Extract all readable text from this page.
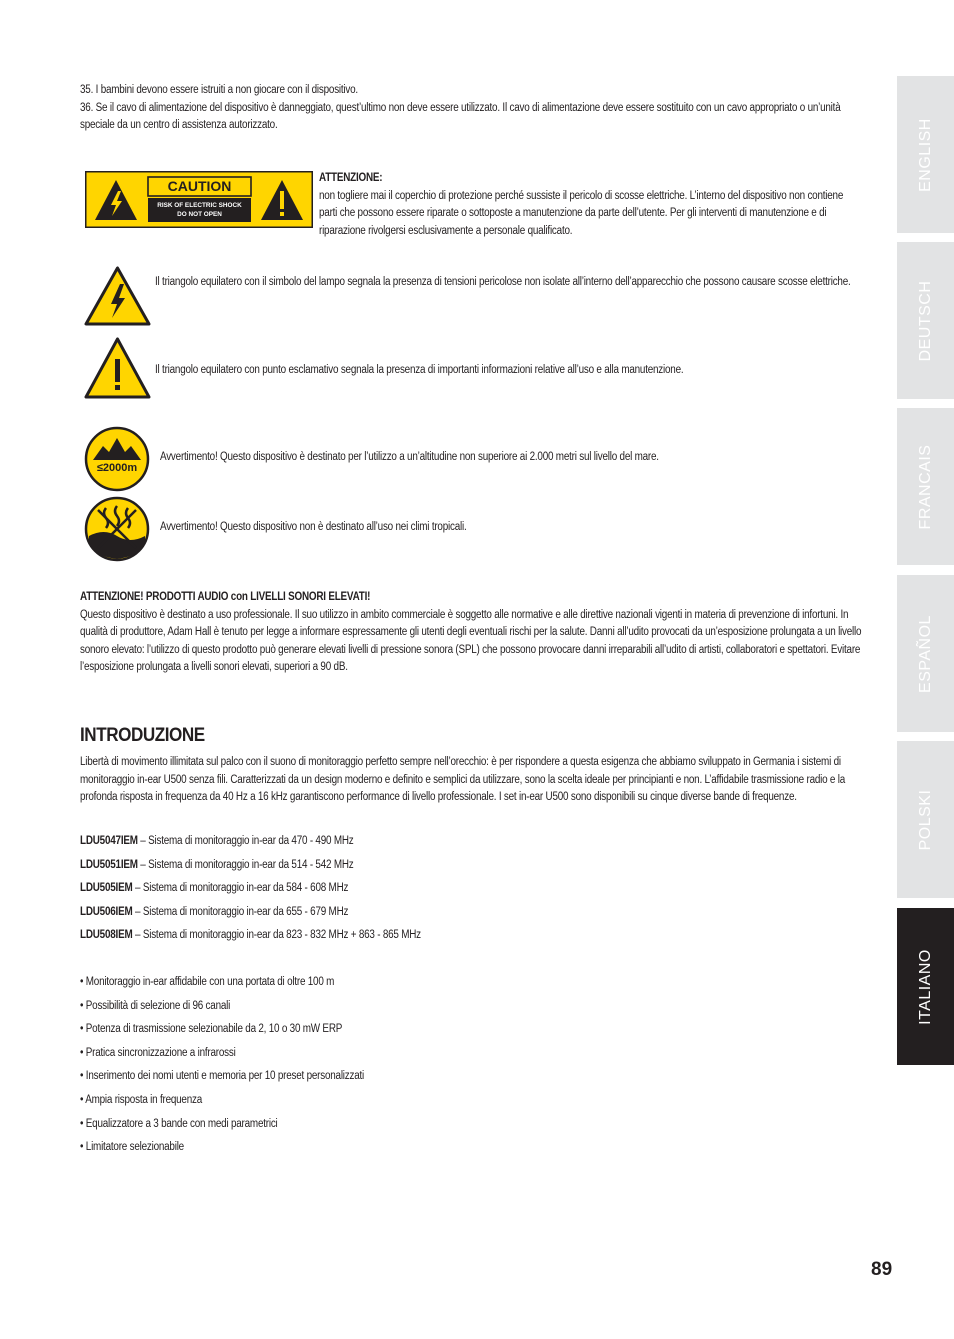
35. I bambini devono essere istruiti a non giocare con il dispositivo.

36. Se il cavo di alimentazione del dispositivo è danneggiato, quest’ultimo non deve essere utilizzato. Il cavo di alimentazione deve essere sostituito con un cavo appropriato o un’unità speciale da un centro di assistenza autorizzato.

CAUTION
RISK OF ELECTRIC SHOCK
DO NOT OPEN

ATTENZIONE:

non togliere mai il coperchio di protezione perché sussiste il pericolo di scosse elettriche. L’interno del dispositivo non contiene parti che possono essere riparate o sottoposte a manutenzione da parte dell’utente. Per gli interventi di manutenzione e di riparazione rivolgersi esclusivamente a personale qualificato.

Il triangolo equilatero con il simbolo del lampo segnala la presenza di tensioni pericolose non isolate all’interno dell’apparecchio che possono causare scosse elettriche.
Il triangolo equilatero con punto esclamativo segnala la presenza di importanti informazioni relative all’uso e alla manutenzione.
≤2000m
Avvertimento! Questo dispositivo è destinato per l’utilizzo a un’altitudine non superiore ai 2.000 metri sul livello del mare.
Avvertimento! Questo dispositivo non è destinato all’uso nei climi tropicali.

ATTENZIONE! PRODOTTI AUDIO con LIVELLI SONORI ELEVATI!

Questo dispositivo è destinato a uso professionale. Il suo utilizzo in ambito commerciale è soggetto alle normative e alle direttive nazionali vigenti in materia di prevenzione di infortuni. In qualità di produttore, Adam Hall è tenuto per legge a informare espressamente gli utenti degli eventuali rischi per la salute. Danni all’udito provocati da un’esposizione prolungata a un livello sonoro elevato: l’utilizzo di questo prodotto può generare elevati livelli di pressione sonora (SPL) che possono provocare danni irreparabili all’udito di artisti, collaboratori e spettatori. Evitare l’esposizione prolungata a livelli sonori elevati, superiori a 90 dB.

INTRODUZIONE
Libertà di movimento illimitata sul palco con il suono di monitoraggio perfetto sempre nell’orecchio: è per rispondere a questa esigenza che abbiamo sviluppato in Germania i sistemi di monitoraggio in-ear U500 senza fili. Caratterizzati da un design moderno e definito e semplici da utilizzare, sono la scelta ideale per principianti e non. L’affidabile trasmissione radio e la profonda risposta in frequenza da 40 Hz a 16 kHz garantiscono performance di livello professionale. I set in-ear U500 sono disponibili su cinque diverse bande di frequenze.
LDU5047IEM – Sistema di monitoraggio in-ear da 470 - 490 MHz
LDU5051IEM – Sistema di monitoraggio in-ear da 514 - 542 MHz
LDU505IEM – Sistema di monitoraggio in-ear da 584 - 608 MHz
LDU506IEM – Sistema di monitoraggio in-ear da 655 - 679 MHz
LDU508IEM – Sistema di monitoraggio in-ear da 823 - 832 MHz + 863 - 865 MHz
• Monitoraggio in-ear affidabile con una portata di oltre 100 m
• Possibilità di selezione di 96 canali
• Potenza di trasmissione selezionabile da 2, 10 o 30 mW ERP
• Pratica sincronizzazione a infrarossi
• Inserimento dei nomi utenti e memoria per 10 preset personalizzati
• Ampia risposta in frequenza
• Equalizzatore a 3 bande con medi parametrici
• Limitatore selezionabile
ENGLISH
DEUTSCH
FRANCAIS
ESPAÑOL
POLSKI
ITALIANO
89
